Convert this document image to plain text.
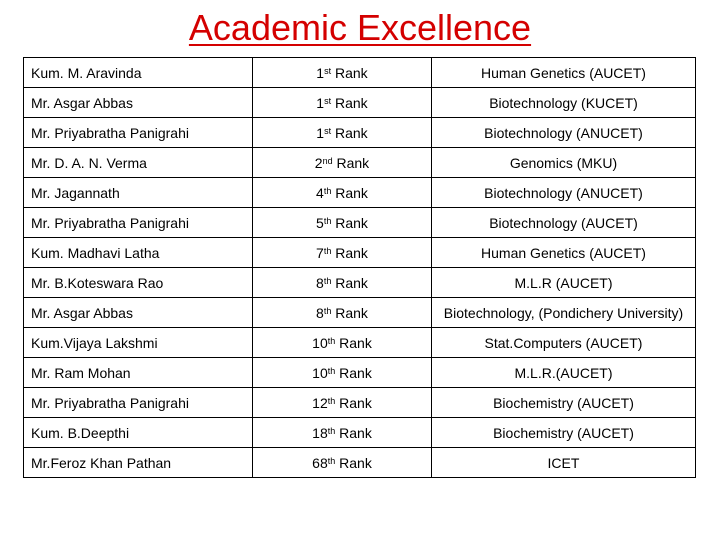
Academic Excellence
Kum. M. Aravinda	1st Rank	Human Genetics (AUCET)
Mr. Asgar Abbas	1st Rank	Biotechnology (KUCET)
Mr. Priyabratha Panigrahi	1st Rank	Biotechnology (ANUCET)
Mr. D. A. N. Verma	2nd Rank	Genomics (MKU)
Mr. Jagannath	4th Rank	Biotechnology (ANUCET)
Mr. Priyabratha Panigrahi	5th Rank	Biotechnology (AUCET)
Kum. Madhavi Latha	7th Rank	Human Genetics (AUCET)
Mr. B.Koteswara Rao	8th Rank	M.L.R (AUCET)
Mr. Asgar Abbas	8th Rank	Biotechnology, (Pondichery University)
Kum.Vijaya Lakshmi	10th Rank	Stat.Computers (AUCET)
Mr. Ram Mohan	10th Rank	M.L.R.(AUCET)
Mr. Priyabratha Panigrahi	12th Rank	Biochemistry (AUCET)
Kum. B.Deepthi	18th Rank	Biochemistry (AUCET)
Mr.Feroz Khan Pathan	68th Rank	ICET
